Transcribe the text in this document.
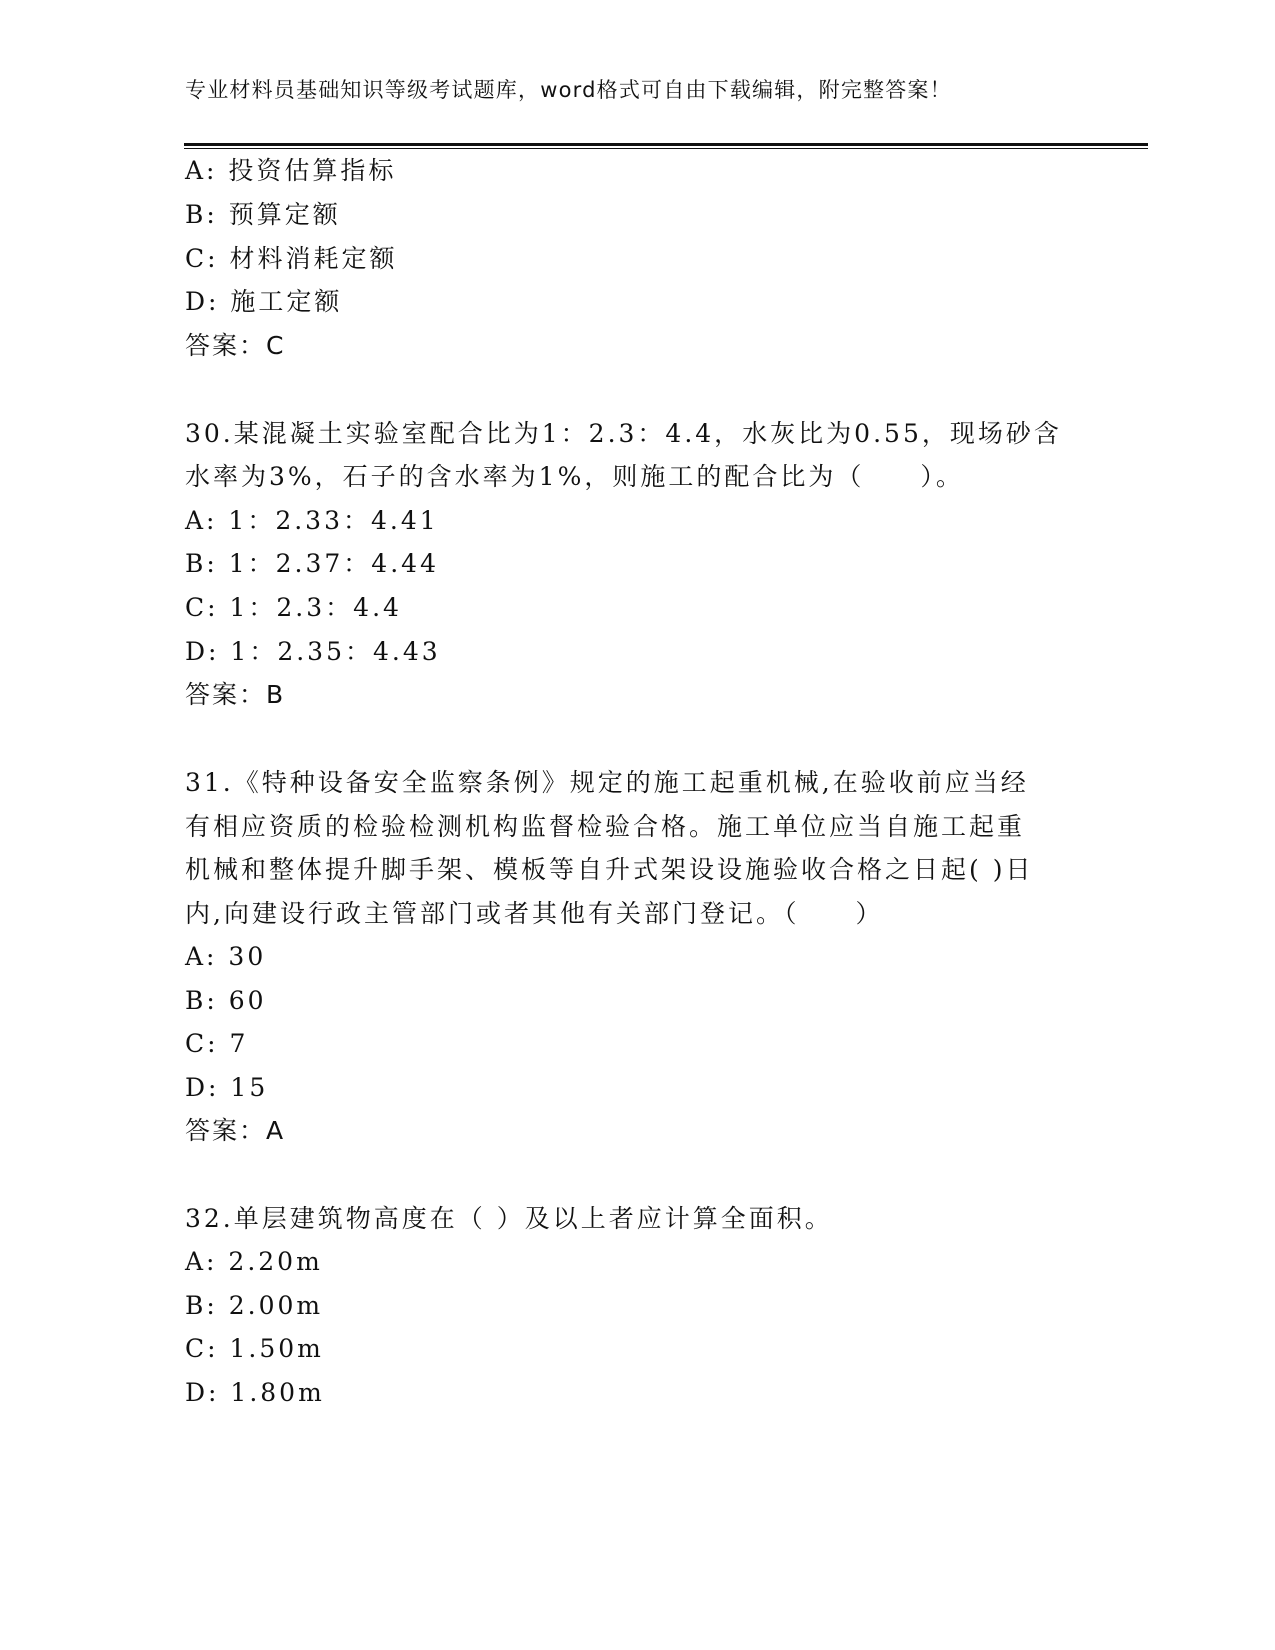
专业材料员基础知识等级考试题库，word格式可自由下载编辑，附完整答案！
A: 投资估算指标
B: 预算定额
C: 材料消耗定额
D: 施工定额
答案：C
30.某混凝土实验室配合比为1：2.3：4.4，水灰比为0.55，现场砂含
水率为3%，石子的含水率为1%，则施工的配合比为（　　）。
A: 1：2.33：4.41
B: 1：2.37：4.44
C: 1：2.3：4.4
D: 1：2.35：4.43
答案：B
31.《特种设备安全监察条例》规定的施工起重机械,在验收前应当经
有相应资质的检验检测机构监督检验合格。施工单位应当自施工起重
机械和整体提升脚手架、模板等自升式架设设施验收合格之日起( )日
内,向建设行政主管部门或者其他有关部门登记。（　　）
A: 30
B: 60
C: 7
D: 15
答案：A
32.单层建筑物高度在（ ）及以上者应计算全面积。
A: 2.20m
B: 2.00m
C: 1.50m
D: 1.80m
